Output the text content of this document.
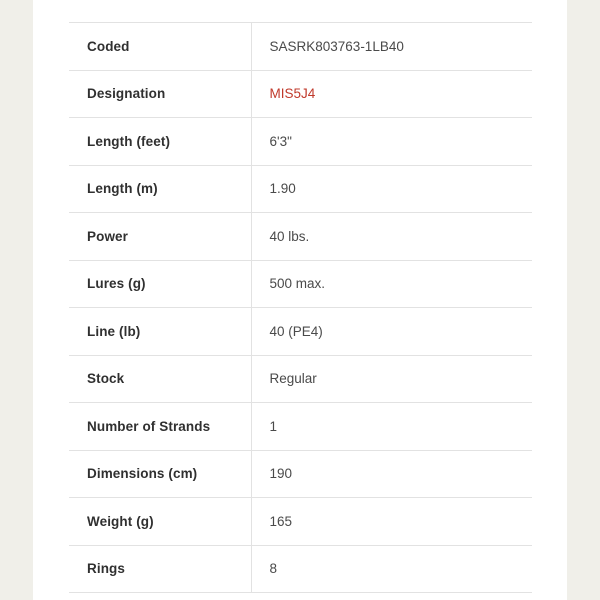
Coded	SASRK803763-1LB40
Designation	MIS5J4
Length (feet)	6'3"
Length (m)	1.90
Power	40 lbs.
Lures (g)	500 max.
Line (lb)	40 (PE4)
Stock	Regular
Number of Strands	1
Dimensions (cm)	190
Weight (g)	165
Rings	8
